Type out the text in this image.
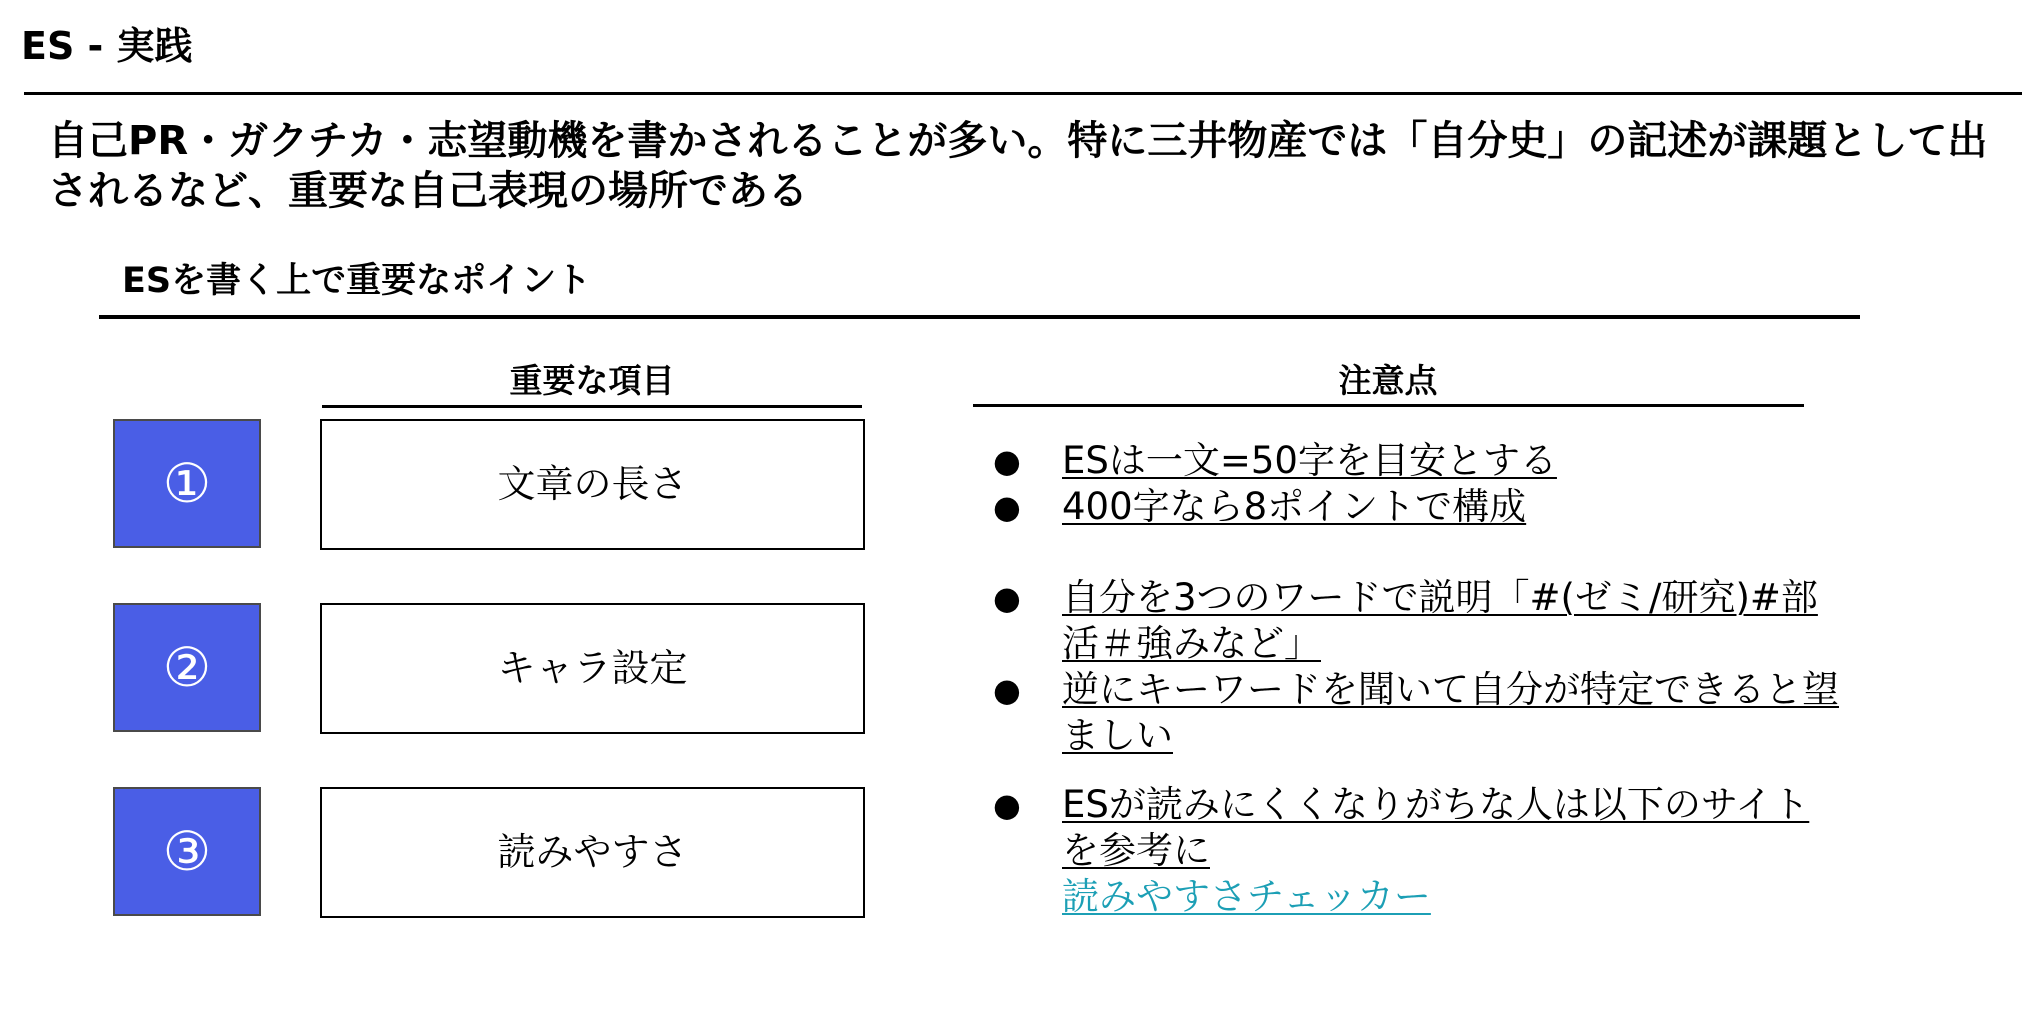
ES - 実践
自己PR・ガクチカ・志望動機を書かされることが多い。特に三井物産では「自分史」の記述が課題として出されるなど、重要な自己表現の場所である
ESを書く上で重要なポイント
重要な項目	注意点
①	文章の長さ
● ESは一文=50字を目安とする
● 400字なら8ポイントで構成
②	キャラ設定
● 自分を3つのワードで説明「#(ゼミ/研究)#部活＃強みなど」
● 逆にキーワードを聞いて自分が特定できると望ましい
③	読みやすさ
● ESが読みにくくなりがちな人は以下のサイトを参考に
読みやすさチェッカー
